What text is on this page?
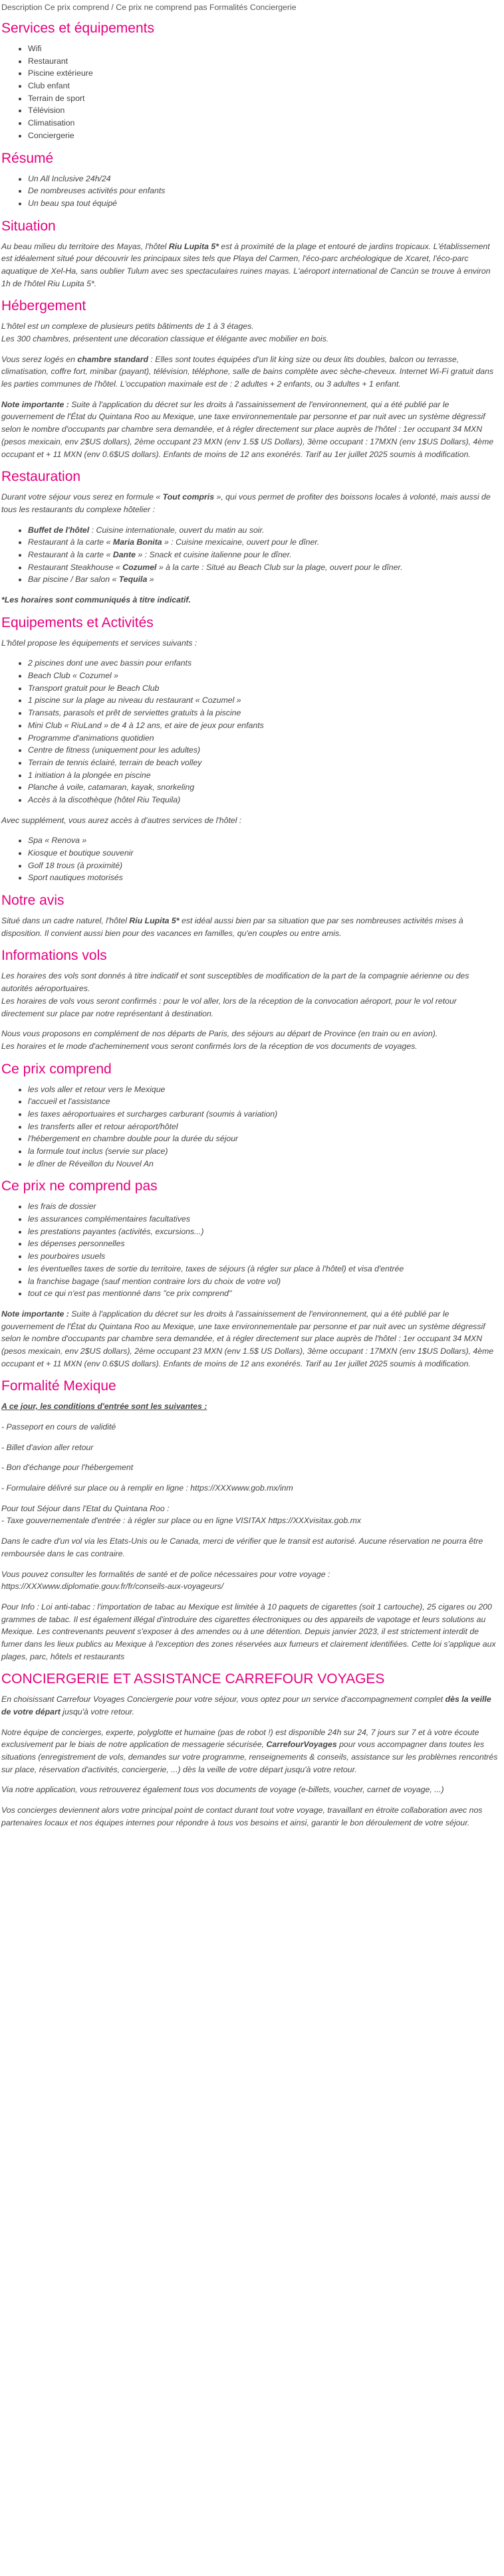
Description Ce prix comprend / Ce prix ne comprend pas Formalités Conciergerie
Services et équipements
• Wifi
• Restaurant
• Piscine extérieure
• Club enfant
• Terrain de sport
• Télévision
• Climatisation
• Conciergerie
Résumé
• Un All Inclusive 24h/24
• De nombreuses activités pour enfants
• Un beau spa tout équipé
Situation

Au beau milieu du territoire des Mayas, l'hôtel Riu Lupita 5* est à proximité de la plage et entouré de jardins tropicaux. L'établissement est idéalement situé pour découvrir les principaux sites tels que Playa del Carmen, l'éco-parc archéologique de Xcaret, l'éco-parc aquatique de Xel-Ha, sans oublier Tulum avec ses spectaculaires ruines mayas. L'aéroport international de Cancún se trouve à environ 1h de l'hôtel Riu Lupita 5*.

Hébergement

L'hôtel est un complexe de plusieurs petits bâtiments de 1 à 3 étages.
Les 300 chambres, présentent une décoration classique et élégante avec mobilier en bois.

Vous serez logés en chambre standard : Elles sont toutes équipées d'un lit king size ou deux lits doubles, balcon ou terrasse, climatisation, coffre fort, minibar (payant), télévision, téléphone, salle de bains complète avec sèche-cheveux. Internet Wi-Fi gratuit dans les parties communes de l'hôtel. L'occupation maximale est de : 2 adultes + 2 enfants, ou 3 adultes + 1 enfant.

Note importante : Suite à l'application du décret sur les droits à l'assainissement de l'environnement, qui a été publié par le gouvernement de l'État du Quintana Roo au Mexique, une taxe environnementale par personne et par nuit avec un système dégressif selon le nombre d'occupants par chambre sera demandée, et à régler directement sur place auprès de l'hôtel : 1er occupant 34 MXN (pesos mexicain, env 2$US dollars), 2ème occupant 23 MXN (env 1.5$ US Dollars), 3ème occupant : 17MXN (env 1$US Dollars), 4ème occupant et + 11 MXN (env 0.6$US dollars). Enfants de moins de 12 ans exonérés. Tarif au 1er juillet 2025 soumis à modification.

Restauration

Durant votre séjour vous serez en formule « Tout compris », qui vous permet de profiter des boissons locales à volonté, mais aussi de tous les restaurants du complexe hôtelier :

• Buffet de l'hôtel : Cuisine internationale, ouvert du matin au soir.
• Restaurant à la carte « Maria Bonita » : Cuisine mexicaine, ouvert pour le dîner.
• Restaurant à la carte « Dante » : Snack et cuisine italienne pour le dîner.
• Restaurant Steakhouse « Cozumel » à la carte : Situé au Beach Club sur la plage, ouvert pour le dîner.
• Bar piscine / Bar salon « Tequila »

*Les horaires sont communiqués à titre indicatif.

Equipements et Activités

L'hôtel propose les équipements et services suivants :

• 2 piscines dont une avec bassin pour enfants
• Beach Club « Cozumel »
• Transport gratuit pour le Beach Club
• 1 piscine sur la plage au niveau du restaurant « Cozumel »
• Transats, parasols et prêt de serviettes gratuits à la piscine
• Mini Club « RiuLand » de 4 à 12 ans, et aire de jeux pour enfants
• Programme d'animations quotidien
• Centre de fitness (uniquement pour les adultes)
• Terrain de tennis éclairé, terrain de beach volley
• 1 initiation à la plongée en piscine
• Planche à voile, catamaran, kayak, snorkeling
• Accès à la discothèque (hôtel Riu Tequila)

Avec supplément, vous aurez accès à d'autres services de l'hôtel :

• Spa « Renova »
• Kiosque et boutique souvenir
• Golf 18 trous (à proximité)
• Sport nautiques motorisés
Notre avis

Situé dans un cadre naturel, l'hôtel Riu Lupita 5* est idéal aussi bien par sa situation que par ses nombreuses activités mises à disposition. Il convient aussi bien pour des vacances en familles, qu'en couples ou entre amis.

Informations vols

Les horaires des vols sont donnés à titre indicatif et sont susceptibles de modification de la part de la compagnie aérienne ou des autorités aéroportuaires.
Les horaires de vols vous seront confirmés : pour le vol aller, lors de la réception de la convocation aéroport, pour le vol retour directement sur place par notre représentant à destination.

Nous vous proposons en complément de nos départs de Paris, des séjours au départ de Province (en train ou en avion).
Les horaires et le mode d'acheminement vous seront confirmés lors de la réception de vos documents de voyages.

Ce prix comprend
• les vols aller et retour vers le Mexique
• l'accueil et l'assistance
• les taxes aéroportuaires et surcharges carburant (soumis à variation)
• les transferts aller et retour aéroport/hôtel
• l'hébergement en chambre double pour la durée du séjour
• la formule tout inclus (servie sur place)
• le dîner de Réveillon du Nouvel An
Ce prix ne comprend pas
• les frais de dossier
• les assurances complémentaires facultatives
• les prestations payantes (activités, excursions...)
• les dépenses personnelles
• les pourboires usuels
• les éventuelles taxes de sortie du territoire, taxes de séjours (à régler sur place à l'hôtel) et visa d'entrée
• la franchise bagage (sauf mention contraire lors du choix de votre vol)
• tout ce qui n'est pas mentionné dans "ce prix comprend"

Note importante : Suite à l'application du décret sur les droits à l'assainissement de l'environnement, qui a été publié par le gouvernement de l'État du Quintana Roo au Mexique, une taxe environnementale par personne et par nuit avec un système dégressif selon le nombre d'occupants par chambre sera demandée, et à régler directement sur place auprès de l'hôtel : 1er occupant 34 MXN (pesos mexicain, env 2$US dollars), 2ème occupant 23 MXN (env 1.5$ US Dollars), 3ème occupant : 17MXN (env 1$US Dollars), 4ème occupant et + 11 MXN (env 0.6$US dollars). Enfants de moins de 12 ans exonérés. Tarif au 1er juillet 2025 soumis à modification.

Formalité Mexique

A ce jour, les conditions d'entrée sont les suivantes :

- Passeport en cours de validité

- Billet d'avion aller retour

- Bon d'échange pour l'hébergement

- Formulaire délivré sur place ou à remplir en ligne : https://XXXwww.gob.mx/inm

Pour tout Séjour dans l'Etat du Quintana Roo :
- Taxe gouvernementale d'entrée : à régler sur place ou en ligne VISITAX https://XXXvisitax.gob.mx

Dans le cadre d'un vol via les Etats-Unis ou le Canada, merci de vérifier que le transit est autorisé. Aucune réservation ne pourra être remboursée dans le cas contraire.

Vous pouvez consulter les formalités de santé et de police nécessaires pour votre voyage :
https://XXXwww.diplomatie.gouv.fr/fr/conseils-aux-voyageurs/

Pour Info : Loi anti-tabac : l'importation de tabac au Mexique est limitée à 10 paquets de cigarettes (soit 1 cartouche), 25 cigares ou 200 grammes de tabac. Il est également illégal d'introduire des cigarettes électroniques ou des appareils de vapotage et leurs solutions au Mexique. Les contrevenants peuvent s'exposer à des amendes ou à une détention. Depuis janvier 2023, il est strictement interdit de fumer dans les lieux publics au Mexique à l'exception des zones réservées aux fumeurs et clairement identifiées. Cette loi s'applique aux plages, parc, hôtels et restaurants

CONCIERGERIE ET ASSISTANCE CARREFOUR VOYAGES

En choisissant Carrefour Voyages Conciergerie pour votre séjour, vous optez pour un service d'accompagnement complet dès la veille de votre départ jusqu'à votre retour.

Notre équipe de concierges, experte, polyglotte et humaine (pas de robot !) est disponible 24h sur 24, 7 jours sur 7 et à votre écoute exclusivement par le biais de notre application de messagerie sécurisée, CarrefourVoyages pour vous accompagner dans toutes les situations (enregistrement de vols, demandes sur votre programme, renseignements & conseils, assistance sur les problèmes rencontrés sur place, réservation d'activités, conciergerie, ...) dès la veille de votre départ jusqu'à votre retour.

Via notre application, vous retrouverez également tous vos documents de voyage (e-billets, voucher, carnet de voyage, ...)

Vos concierges deviennent alors votre principal point de contact durant tout votre voyage, travaillant en étroite collaboration avec nos partenaires locaux et nos équipes internes pour répondre à tous vos besoins et ainsi, garantir le bon déroulement de votre séjour.
